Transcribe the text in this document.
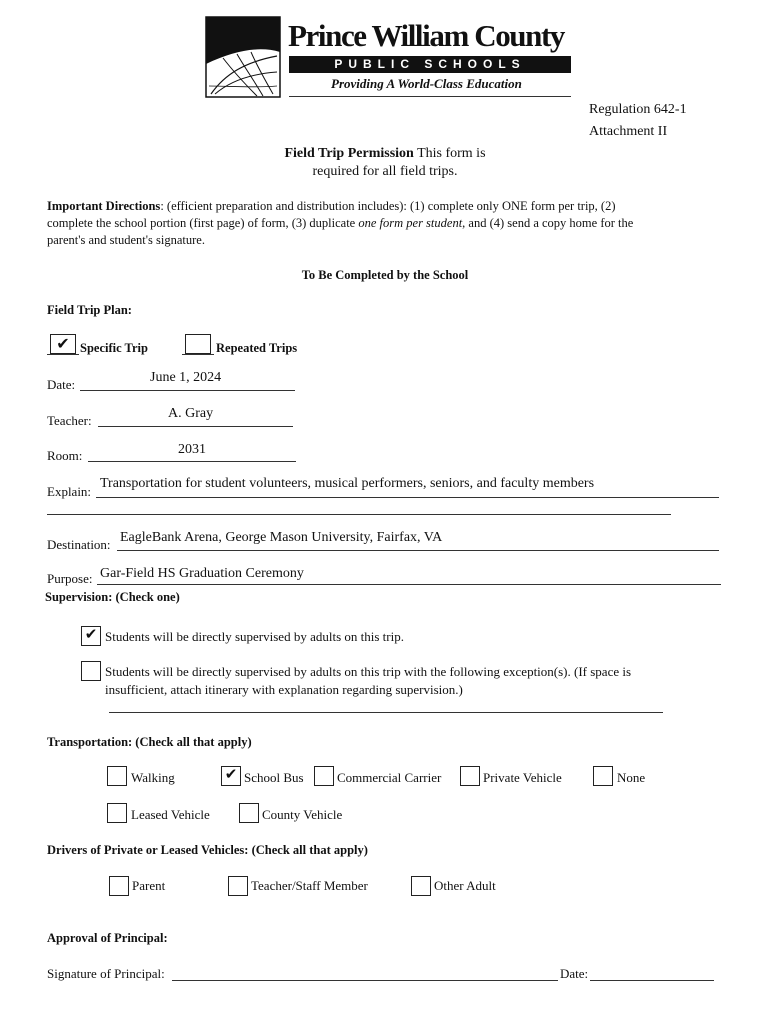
Prince William County
PUBLIC SCHOOLS
Providing A World-Class Education
Regulation 642-1
Attachment II
Field Trip Permission This form is
required for all field trips.
Important Directions: (efficient preparation and distribution includes): (1) complete only ONE form per trip, (2)
complete the school portion (first page) of form, (3) duplicate one form per student, and (4) send a copy home for the
parent's and student's signature.
To Be Completed by the School
Field Trip Plan:
✔ Specific Trip	Repeated Trips
Date:	June 1, 2024
Teacher:	A. Gray
Room:	2031
Explain:
Transportation for student volunteers, musical performers, seniors, and faculty members
Destination: EagleBank Arena, George Mason University, Fairfax, VA
Purpose: Gar-Field HS Graduation Ceremony
Supervision: (Check one)
✔ Students will be directly supervised by adults on this trip.
Students will be directly supervised by adults on this trip with the following exception(s). (If space is
insufficient, attach itinerary with explanation regarding supervision.)
Transportation: (Check all that apply)
Walking	✔ School Bus	Commercial Carrier	Private Vehicle	None
Leased Vehicle	County Vehicle
Drivers of Private or Leased Vehicles: (Check all that apply)
Parent	Teacher/Staff Member	Other Adult
Approval of Principal:
Signature of Principal:	Date:
